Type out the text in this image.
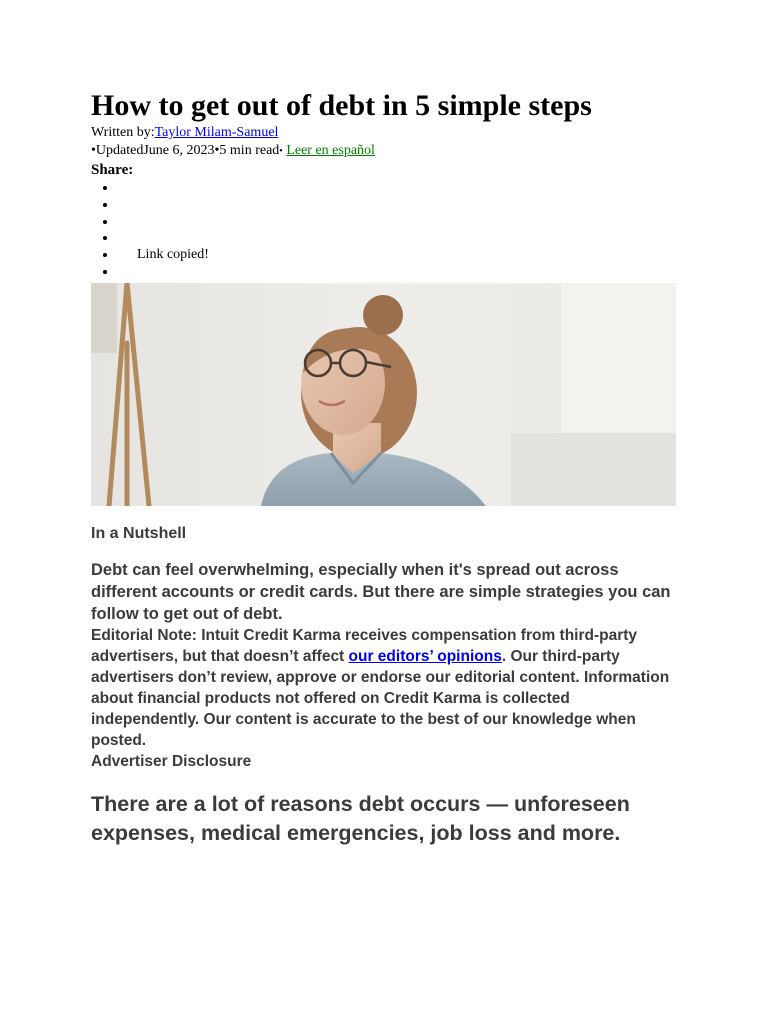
How to get out of debt in 5 simple steps
Written by:Taylor Milam-Samuel
•UpdatedJune 6, 2023•5 min read• Leer en español
Share:
•
•
•
•
• Link copied!
•
In a Nutshell
Debt can feel overwhelming, especially when it's spread out across different accounts or credit cards. But there are simple strategies you can follow to get out of debt.
Editorial Note: Intuit Credit Karma receives compensation from third-party advertisers, but that doesn’t affect our editors’ opinions. Our third-party advertisers don’t review, approve or endorse our editorial content. Information about financial products not offered on Credit Karma is collected independently. Our content is accurate to the best of our knowledge when posted.
Advertiser Disclosure
There are a lot of reasons debt occurs — unforeseen expenses, medical emergencies, job loss and more.
